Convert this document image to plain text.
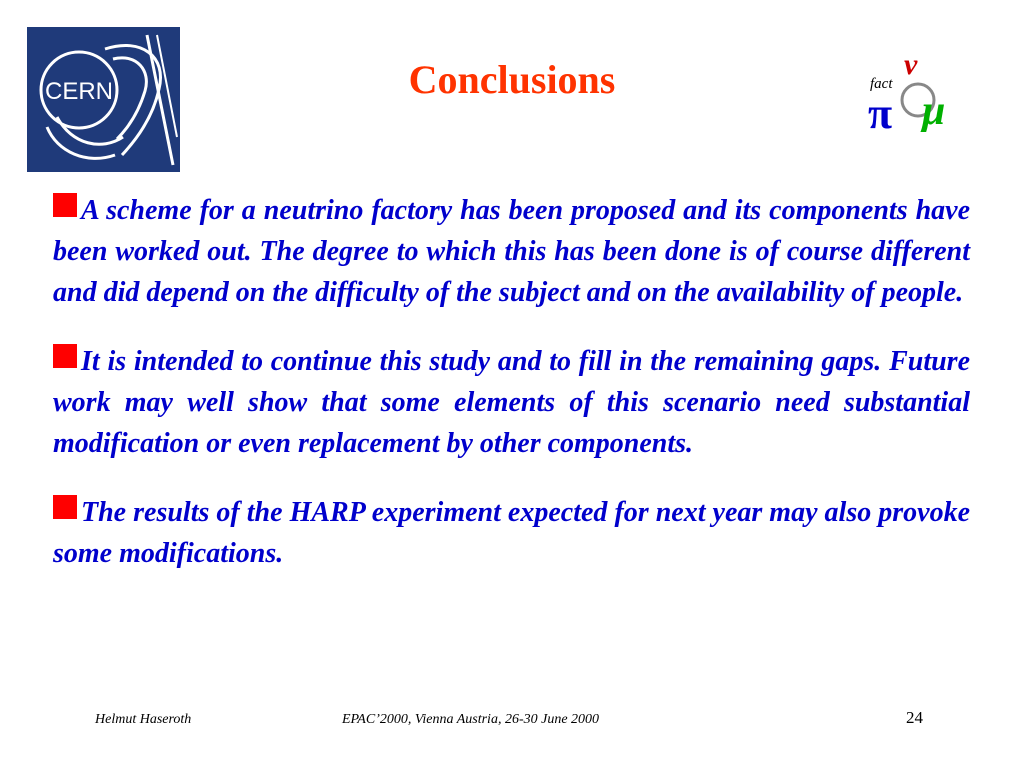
CERN	Conclusions	ν
π μ
fact
A scheme for a neutrino factory has been proposed and its components have been worked out. The degree to which this has been done is of course different and did depend on the difficulty of the subject and on the availability of people.
It is intended to continue this study and to fill in the remaining gaps. Future work may well show that some elements of this scenario need substantial modification or even replacement by other components.
The results of the HARP experiment expected for next year may also provoke some modifications.
Helmut Haseroth	EPAC’2000, Vienna Austria, 26-30 June 2000	24
